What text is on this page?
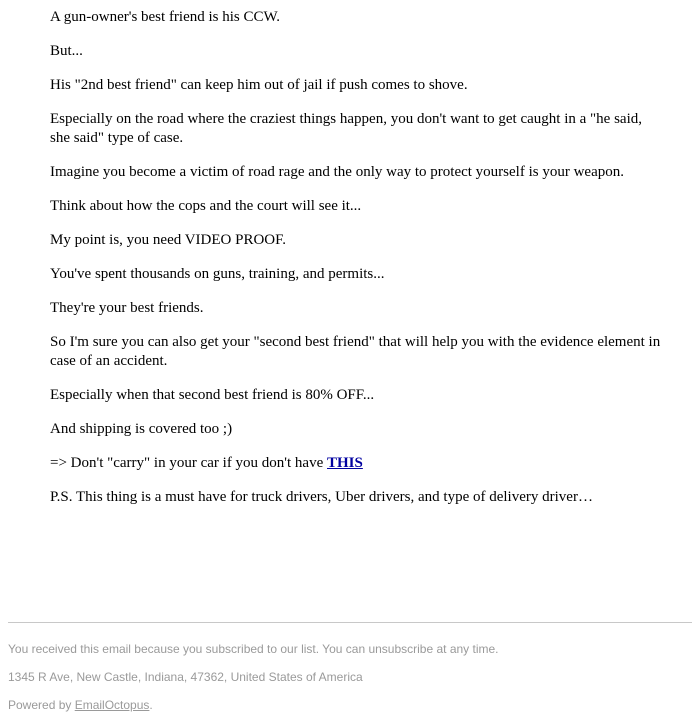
A gun-owner's best friend is his CCW.

But...

His "2nd best friend" can keep him out of jail if push comes to shove.

Especially on the road where the craziest things happen, you don't want to get caught in a "he said, she said" type of case.

Imagine you become a victim of road rage and the only way to protect yourself is your weapon.

Think about how the cops and the court will see it...

My point is, you need VIDEO PROOF.

You've spent thousands on guns, training, and permits...

They're your best friends.

So I'm sure you can also get your "second best friend" that will help you with the evidence element in case of an accident.

Especially when that second best friend is 80% OFF...

And shipping is covered too ;)

=> Don't "carry" in your car if you don't have THIS

P.S. This thing is a must have for truck drivers, Uber drivers, and type of delivery driver…

You received this email because you subscribed to our list. You can unsubscribe at any time.

1345 R Ave, New Castle, Indiana, 47362, United States of America

Powered by EmailOctopus.
